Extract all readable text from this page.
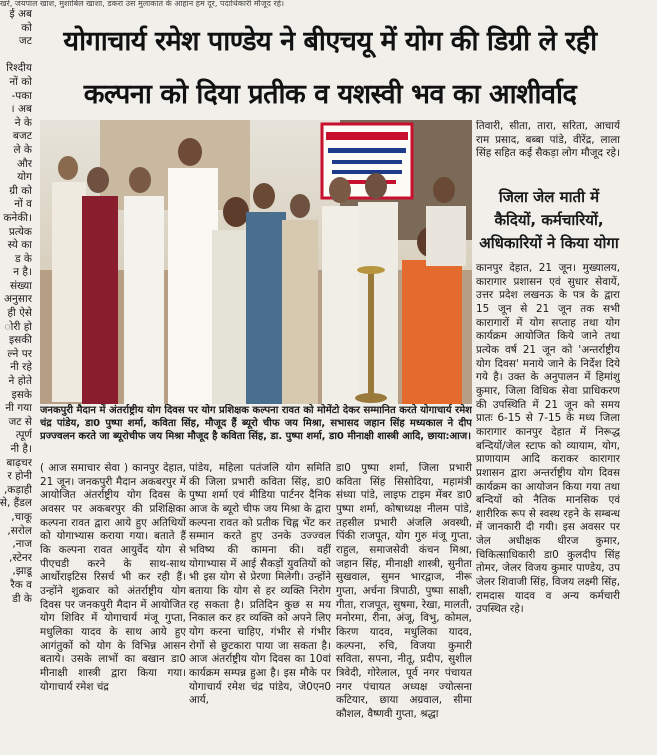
खरे, जयपाल खाश, मुशाबिल खाशा, डकरा उस मुलाकात के आहान हम दूर, पदाधिकारी मौजूद रहे।
ई अब
को
जट

रिश्दीय
नों को
पका-
। अब
ने के
बजट
ले के
और
योग
ग्री को
नों व
कनेकी।
प्रत्येक
स्ये का
ड के
न है।
संख्या
अनुसार
ही ऐसे
ोरी हो
इसकी
ल्ने पर
नी रहे
ने होते
इसके
नी गया
जट से
त्पूर्ण
नी है।
बाढ़चर
र होनी
कड़ाही,
से, हैंडल
चाकू,
सरोल,
नाज,
स्टेनर,
झाडू,
रैक व
डी के
योगाचार्य रमेश पाण्डेय ने बीएचयू में योग की डिग्री ले रही
कल्पना को दिया प्रतीक व यशस्वी भव का आशीर्वाद
जनकपुरी मैदान में अंतर्राष्ट्रीय योग दिवस पर योग प्रशिक्षक कल्पना रावत को मोमेंटो देकर सम्मानित करते योगाचार्य रमेश चंद्र पांडेय, डा0 पुष्पा शर्मा, कविता सिंह, मौजूद हैं ब्यूरो चीफ जय मिश्रा, सभासद जहान सिंह मध्यकाल ने दीप प्रज्ज्वलन करते जा ब्यूरोचीफ जय मिश्रा मौजूद है कविता सिंह, डा. पुष्पा शर्मा, डा0 मीनाक्षी शास्त्री आदि, छाया:आज।

( आज समाचार सेवा ) कानपुर देहात, 21 जून। जनकपुरी मैदान अकबरपुर में आयोजित अंतर्राष्ट्रीय योग दिवस के अवसर पर अकबरपुर की प्रशिक्षिका कल्पना रावत द्वारा आये हुए अतिथियों को योगाभ्यास कराया गया। बताते हैं कि कल्पना रावत आयुर्वेद योग से पीएचडी करने के साथ-साथ आर्थोराइटिस रिसर्च भी कर रही हैं। उन्होंने शुक्रवार को अंतर्राष्ट्रीय योग दिवस पर जनकपुरी मैदान में आयोजित योग शिविर में योगाचार्य मंजू गुप्ता, मधुलिका यादव के साथ आये हुए आगंतुकों को योग के विभिन्न आसन बताये। उसके लाभों का बखान डा0 मीनाक्षी शास्त्री द्वारा किया गया। योगाचार्य रमेश चंद्र

पांडेय, महिला पतंजलि योग समिति की जिला प्रभारी कविता सिंह, डा0 पुष्पा शर्मा एवं मीडिया पार्टनर दैनिक आज के ब्यूरो चीफ जय मिश्रा के द्वारा कल्पना रावत को प्रतीक चिह्न भेंट कर सम्मान करते हुए उनके उज्ज्वल भविष्य की कामना की। वहीं योगाभ्यास में आई सैकड़ों युवतियों को भी इस योग से प्रेरणा मिलेगी। उन्होंने बताया कि योग से हर व्यक्ति निरोग रह सकता है। प्रतिदिन कुछ स मय निकाल कर हर व्यक्ति को अपने लिए योग करना चाहिए, गंभीर से गंभीर रोगों से छुटकारा पाया जा सकता है। आज अंतर्राष्ट्रीय योग दिवस का 10वां कार्यक्रम सम्पन्न हुआ है। इस मौके पर योगाचार्य रमेश चंद्र पांडेय, जे0एन0 आर्य,

डा0 पुष्पा शर्मा, जिला प्रभारी कविता सिंह सिसोदिया, महामंत्री संध्या पांडे, लाइफ टाइम मेंबर डा0 पुष्पा शर्मा, कोषाध्यक्ष नीलम पांडे, तहसील प्रभारी अंजलि अवस्थी, पिंकी राजपूत, योग गुरु मंजू गुप्ता, राहुल, समाजसेवी कंचन मिश्रा, जहान सिंह, मीनाक्षी शास्त्री, सुनीता सुखवाल, सुमन भारद्वाज, नीरू गुप्ता, अर्चना त्रिपाठी, पुष्पा साक्षी, गीता, राजपूत, सुषमा, रेखा, मालती, मनोरमा, रीना, अंजू, विभु, कोमल, किरण यादव, मधुलिका यादव, कल्पना, रुचि, विजया कुमारी सविता, सपना, नीतू, प्रदीप, सुशील त्रिवेदी, गोरेलाल, पूर्व नगर पंचायत नगर पंचायत अध्यक्ष ज्योत्सना कटियार, छाया अग्रवाल, सीमा कौशल, वैष्णवी गुप्ता, श्रद्धा

तिवारी, सीता, तारा, सरिता, आचार्य राम प्रसाद, बब्बा पांडे, वीरेंद्र, लाला सिंह सहित कई सैकड़ा लोग मौजूद रहे।
जिला जेल माती में कैदियों, कर्मचारियों, अधिकारियों ने किया योगा
कानपुर देहात, 21 जून। मुख्यालय, कारागार प्रशासन एवं सुधार सेवायें, उत्तर प्रदेश लखनऊ के पत्र के द्वारा 15 जून से 21 जून तक सभी कारागारों में योग सप्ताह तथा योग कार्यक्रम आयोजित किये जाने तथा प्रत्येक वर्ष 21 जून को 'अन्तर्राष्ट्रीय योग दिवस' मनाये जाने के निर्देश दिये गये है। उक्त के अनुपालन में हिमांशु कुमार, जिला विधिक सेवा प्राधिकरण की उपस्थिति में 21 जून को समय प्रातः 6-15 से 7-15 के मध्य जिला कारागार कानपुर देहात में निरूद्ध बन्दियों/जेल स्टाफ को व्यायाम, योग, प्राणायाम आदि कराकर कारागार प्रशासन द्वारा अन्तर्राष्ट्रीय योग दिवस कार्यक्रम का आयोजन किया गया तथा बन्दियों को नैतिक मानसिक एवं शारीरिक रूप से स्वस्थ रहने के सम्बन्ध में जानकारी दी गयी। इस अवसर पर जेल अधीक्षक धीरज कुमार, चिकित्साधिकारी डा0 कुलदीप सिंह तोमर, जेलर विजय कुमार पाण्डेय, उप जेलर शिवाजी सिंह, विजय लक्ष्मी सिंह, रामदास यादव व अन्य कर्मचारी उपस्थित रहे।
